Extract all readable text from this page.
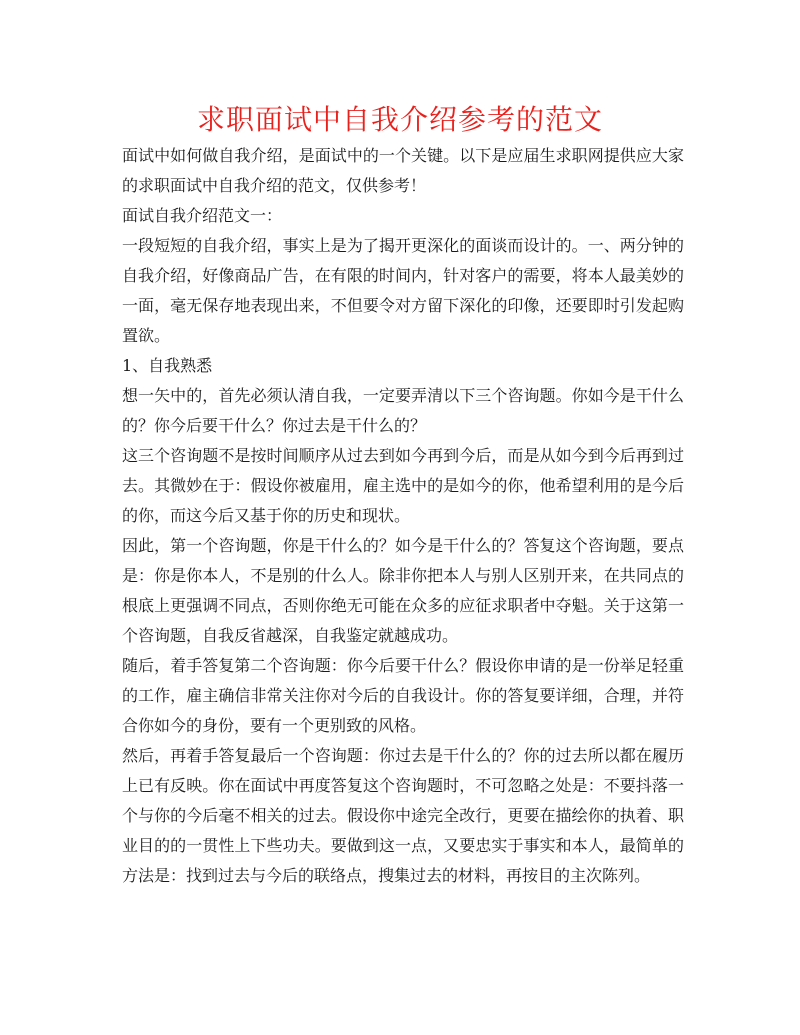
求职面试中自我介绍参考的范文

面试中如何做自我介绍，是面试中的一个关键。以下是应届生求职网提供应大家的求职面试中自我介绍的范文，仅供参考！

面试自我介绍范文一：

一段短短的自我介绍，事实上是为了揭开更深化的面谈而设计的。一、两分钟的自我介绍，好像商品广告，在有限的时间内，针对客户的需要，将本人最美妙的一面，毫无保存地表现出来，不但要令对方留下深化的印像，还要即时引发起购置欲。

1、自我熟悉

想一矢中的，首先必须认清自我，一定要弄清以下三个咨询题。你如今是干什么的？你今后要干什么？你过去是干什么的？

这三个咨询题不是按时间顺序从过去到如今再到今后，而是从如今到今后再到过去。其微妙在于：假设你被雇用，雇主选中的是如今的你，他希望利用的是今后的你，而这今后又基于你的历史和现状。

因此，第一个咨询题，你是干什么的？如今是干什么的？答复这个咨询题，要点是：你是你本人，不是别的什么人。除非你把本人与别人区别开来，在共同点的根底上更强调不同点，否则你绝无可能在众多的应征求职者中夺魁。关于这第一个咨询题，自我反省越深，自我鉴定就越成功。

随后，着手答复第二个咨询题：你今后要干什么？假设你申请的是一份举足轻重的工作，雇主确信非常关注你对今后的自我设计。你的答复要详细，合理，并符合你如今的身份，要有一个更别致的风格。

然后，再着手答复最后一个咨询题：你过去是干什么的？你的过去所以都在履历上已有反映。你在面试中再度答复这个咨询题时，不可忽略之处是：不要抖落一个与你的今后毫不相关的过去。假设你中途完全改行，更要在描绘你的执着、职业目的的一贯性上下些功夫。要做到这一点，又要忠实于事实和本人，最简单的方法是：找到过去与今后的联络点，搜集过去的材料，再按目的主次陈列。
